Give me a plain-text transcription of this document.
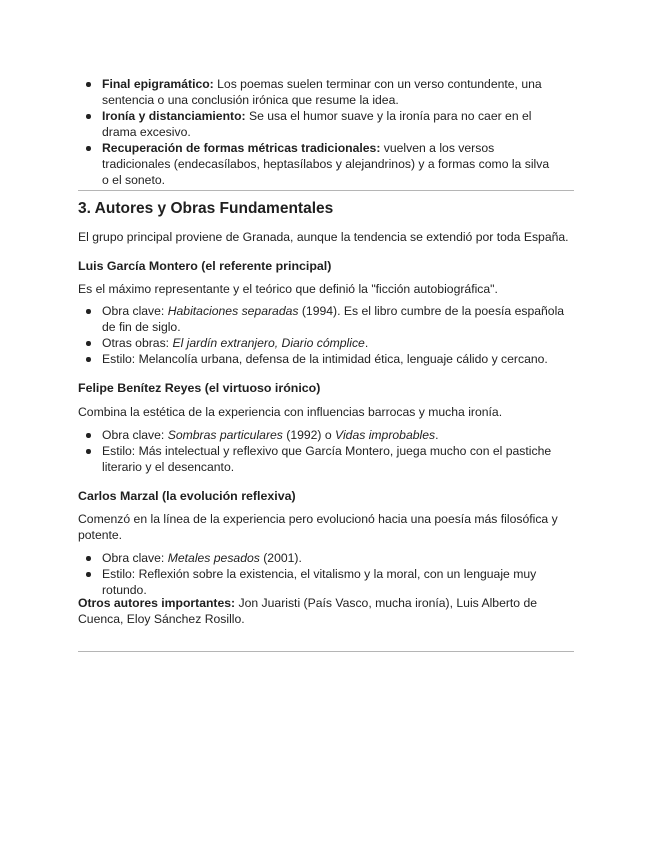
Final epigramático: Los poemas suelen terminar con un verso contundente, una sentencia o una conclusión irónica que resume la idea.
Ironía y distanciamiento: Se usa el humor suave y la ironía para no caer en el drama excesivo.
Recuperación de formas métricas tradicionales: vuelven a los versos tradicionales (endecasílabos, heptasílabos y alejandrinos) y a formas como la silva o el soneto.
3. Autores y Obras Fundamentales
El grupo principal proviene de Granada, aunque la tendencia se extendió por toda España.
Luis García Montero (el referente principal)
Es el máximo representante y el teórico que definió la "ficción autobiográfica".
Obra clave: Habitaciones separadas (1994). Es el libro cumbre de la poesía española de fin de siglo.
Otras obras: El jardín extranjero, Diario cómplice.
Estilo: Melancolía urbana, defensa de la intimidad ética, lenguaje cálido y cercano.
Felipe Benítez Reyes (el virtuoso irónico)
Combina la estética de la experiencia con influencias barrocas y mucha ironía.
Obra clave: Sombras particulares (1992) o Vidas improbables.
Estilo: Más intelectual y reflexivo que García Montero, juega mucho con el pastiche literario y el desencanto.
Carlos Marzal (la evolución reflexiva)
Comenzó en la línea de la experiencia pero evolucionó hacia una poesía más filosófica y potente.
Obra clave: Metales pesados (2001).
Estilo: Reflexión sobre la existencia, el vitalismo y la moral, con un lenguaje muy rotundo.
Otros autores importantes: Jon Juaristi (País Vasco, mucha ironía), Luis Alberto de Cuenca, Eloy Sánchez Rosillo.
